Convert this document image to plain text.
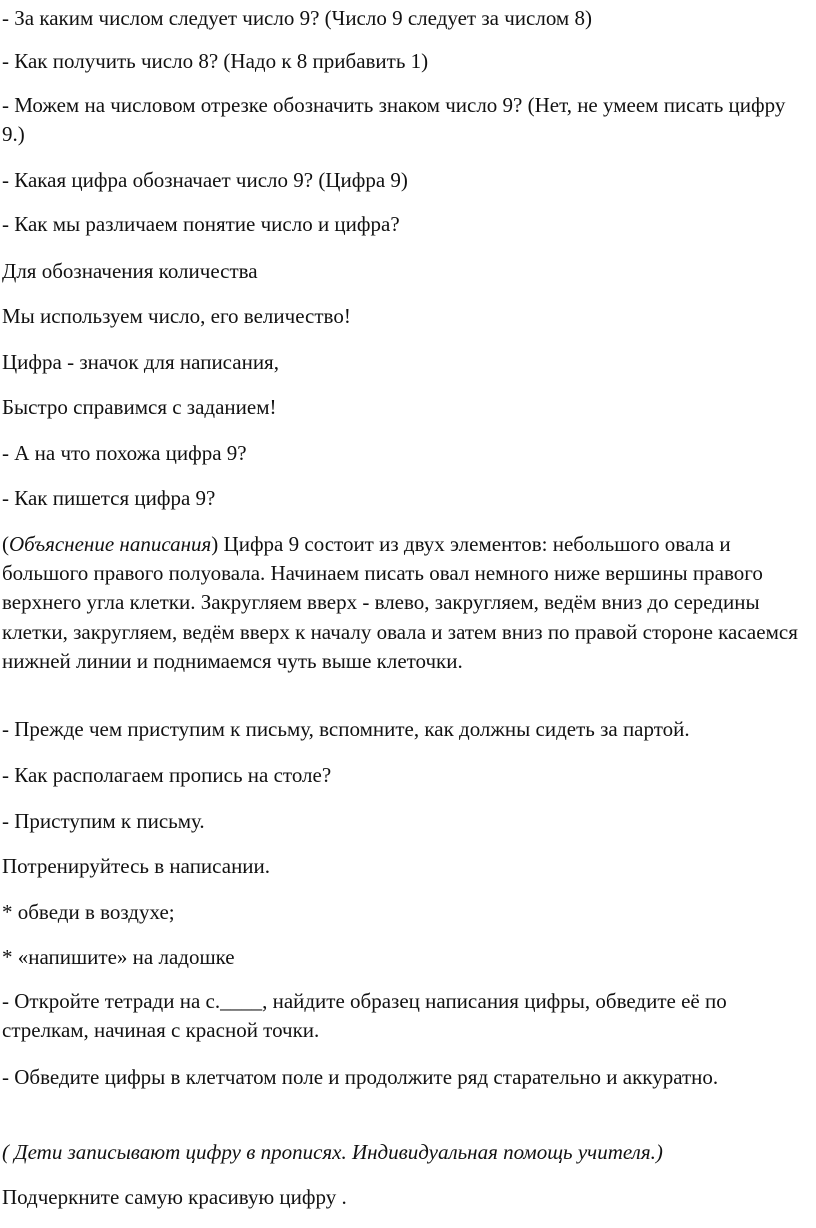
- За каким числом следует число 9? (Число 9 следует за числом 8)

- Как получить число 8? (Надо к 8 прибавить 1)

- Можем на числовом отрезке обозначить знаком число 9? (Нет, не умеем писать цифру 9.)

- Какая цифра обозначает число 9? (Цифра 9)

- Как мы различаем понятие число и цифра?

Для обозначения количества

Мы используем число, его величество!

Цифра - значок для написания,

Быстро справимся с заданием!

- А на что похожа цифра 9?

- Как пишется цифра 9?

(Объяснение написания) Цифра 9 состоит из двух элементов: небольшого овала и большого правого полуовала. Начинаем писать овал немного ниже вершины правого верхнего угла клетки. Закругляем вверх - влево, закругляем, ведём вниз до середины клетки, закругляем, ведём вверх к началу овала и затем вниз по правой стороне касаемся нижней линии и поднимаемся чуть выше клеточки.

- Прежде чем приступим к письму, вспомните, как должны сидеть за партой.

- Как располагаем пропись на столе?

- Приступим к письму.

Потренируйтесь в написании.

* обведи в воздухе;

* «напишите» на ладошке

- Откройте тетради на с.____, найдите образец написания цифры, обведите её по стрелкам, начиная с красной точки.

- Обведите цифры в клетчатом поле и продолжите ряд старательно и аккуратно.

( Дети записывают цифру в прописях. Индивидуальная помощь учителя.)

Подчеркните самую красивую цифру .
